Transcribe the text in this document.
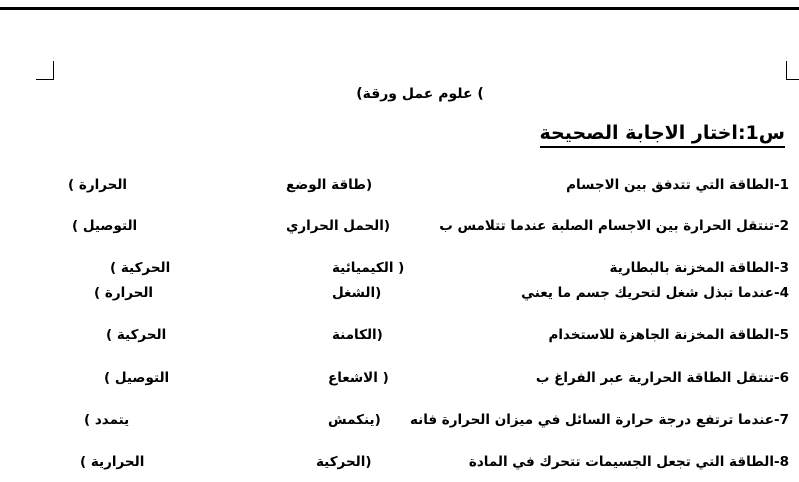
) علوم عمل ورقة)
س1:اختار الاجابة الصحيحة
1-الطاقة التي تتدفق بين الاجسام
(طاقة الوضع
الحرارة )
2-تنتقل الحرارة بين الاجسام الصلبة عندما تتلامس ب
(الحمل الحراري
التوصيل )
3-الطاقة المخزنة بالبطارية
( الكيميائية
الحركية )
4-عندما تبذل شغل لتحريك جسم ما يعني
(الشغل
الحرارة )
5-الطاقة المخزنة الجاهزة للاستخدام
(الكامنة
الحركية )
6-تنتقل الطاقة الحرارية عبر الفراغ ب
( الاشعاع
التوصيل )
7-عندما ترتفع درجة حرارة السائل في ميزان الحرارة فانه
(ينكمش
يتمدد )
8-الطاقة التي تجعل الجسيمات تتحرك في المادة
(الحركية
الحرارية )
